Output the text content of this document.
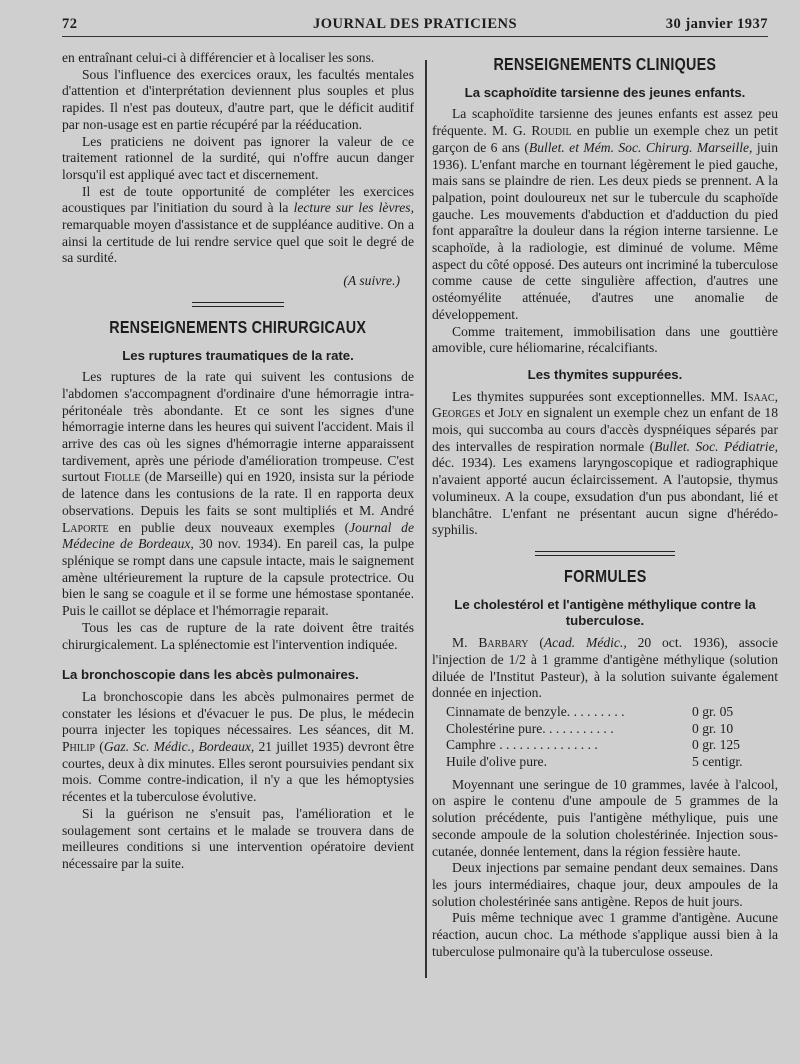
72	JOURNAL DES PRATICIENS	30 janvier 1937

en entraînant celui-ci à différencier et à localiser les sons.

Sous l'influence des exercices oraux, les facultés mentales d'attention et d'interprétation deviennent plus souples et plus rapides. Il n'est pas douteux, d'autre part, que le déficit auditif par non-usage est en partie récupéré par la rééducation.

Les praticiens ne doivent pas ignorer la valeur de ce traitement rationnel de la surdité, qui n'offre aucun danger lorsqu'il est appliqué avec tact et discernement.

Il est de toute opportunité de compléter les exercices acoustiques par l'initiation du sourd à la lecture sur les lèvres, remarquable moyen d'assistance et de suppléance auditive. On a ainsi la certitude de lui rendre service quel que soit le degré de sa surdité.

(A suivre.)
RENSEIGNEMENTS CHIRURGICAUX
Les ruptures traumatiques de la rate.

Les ruptures de la rate qui suivent les contusions de l'abdomen s'accompagnent d'ordinaire d'une hémorragie intra-péritonéale très abondante. Et ce sont les signes d'une hémorragie interne dans les heures qui suivent l'accident. Mais il arrive des cas où les signes d'hémorragie interne apparaissent tardivement, après une période d'amélioration trompeuse. C'est surtout Fiolle (de Marseille) qui en 1920, insista sur la période de latence dans les contusions de la rate. Il en rapporta deux observations. Depuis les faits se sont multipliés et M. André Laporte en publie deux nouveaux exemples (Journal de Médecine de Bordeaux, 30 nov. 1934). En pareil cas, la pulpe splénique se rompt dans une capsule intacte, mais le saignement amène ultérieurement la rupture de la capsule protectrice. Ou bien le sang se coagule et il se forme une hémostase spontanée. Puis le caillot se déplace et l'hémorragie reparait.

Tous les cas de rupture de la rate doivent être traités chirurgicalement. La splénectomie est l'intervention indiquée.

La bronchoscopie dans les abcès pulmonaires.

La bronchoscopie dans les abcès pulmonaires permet de constater les lésions et d'évacuer le pus. De plus, le médecin pourra injecter les topiques nécessaires. Les séances, dit M. Philip (Gaz. Sc. Médic., Bordeaux, 21 juillet 1935) devront être courtes, deux à dix minutes. Elles seront poursuivies pendant six mois. Comme contre-indication, il n'y a que les hémoptysies récentes et la tuberculose évolutive.

Si la guérison ne s'ensuit pas, l'amélioration et le soulagement sont certains et le malade se trouvera dans de meilleures conditions si une intervention opératoire devient nécessaire par la suite.

RENSEIGNEMENTS CLINIQUES
La scaphoïdite tarsienne des jeunes enfants.

La scaphoïdite tarsienne des jeunes enfants est assez peu fréquente. M. G. Roudil en publie un exemple chez un petit garçon de 6 ans (Bullet. et Mém. Soc. Chirurg. Marseille, juin 1936). L'enfant marche en tournant légèrement le pied gauche, mais sans se plaindre de rien. Les deux pieds se prennent. A la palpation, point douloureux net sur le tubercule du scaphoïde gauche. Les mouvements d'abduction et d'adduction du pied font apparaître la douleur dans la région interne tarsienne. Le scaphoïde, à la radiologie, est diminué de volume. Même aspect du côté opposé. Des auteurs ont incriminé la tuberculose comme cause de cette singulière affection, d'autres une ostéomyélite atténuée, d'autres une anomalie de développement.

Comme traitement, immobilisation dans une gouttière amovible, cure héliomarine, récalcifiants.

Les thymites suppurées.

Les thymites suppurées sont exceptionnelles. MM. Isaac, Georges et Joly en signalent un exemple chez un enfant de 18 mois, qui succomba au cours d'accès dyspnéiques séparés par des intervalles de respiration normale (Bullet. Soc. Pédiatrie, déc. 1934). Les examens laryngoscopique et radiographique n'avaient apporté aucun éclaircissement. A l'autopsie, thymus volumineux. A la coupe, exsudation d'un pus abondant, lié et blanchâtre. L'enfant ne présentant aucun signe d'hérédo-syphilis.

FORMULES
Le cholestérol et l'antigène méthylique contre la tuberculose.

M. Barbary (Acad. Médic., 20 oct. 1936), associe l'injection de 1/2 à 1 gramme d'antigène méthylique (solution diluée de l'Institut Pasteur), à la solution suivante également donnée en injection.

Cinnamate de benzyle. . . . . . . . .	0 gr. 05
Cholestérine pure. . . . . . . . . . .	0 gr. 10
Camphre . . . . . . . . . . . . . . .	0 gr. 125
Huile d'olive pure.	5 centigr.

Moyennant une seringue de 10 grammes, lavée à l'alcool, on aspire le contenu d'une ampoule de 5 grammes de la solution précédente, puis l'antigène méthylique, puis une seconde ampoule de la solution cholestérinée. Injection sous-cutanée, donnée lentement, dans la région fessière haute.

Deux injections par semaine pendant deux semaines. Dans les jours intermédiaires, chaque jour, deux ampoules de la solution cholestérinée sans antigène. Repos de huit jours.

Puis même technique avec 1 gramme d'antigène. Aucune réaction, aucun choc. La méthode s'applique aussi bien à la tuberculose pulmonaire qu'à la tuberculose osseuse.
